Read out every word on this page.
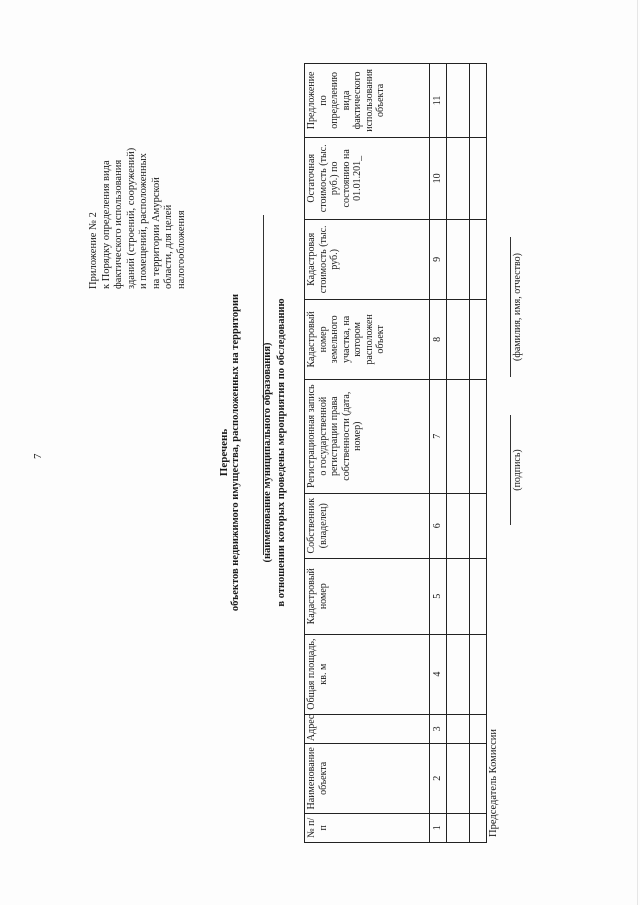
7
Приложение № 2 к Порядку определения вида фактического использования зданий (строений, сооружений) и помещений, расположенных на территории Амурской области, для целей налогообложения
Перечень объектов недвижимого имущества, расположенных на территории (наименование муниципального образования) в отношении которых проведены мероприятия по обследованию
№ п/п	Наименование объекта	Адрес	Общая площадь, кв. м	Кадастровый номер	Собственник (владелец)	Регистрационная запись о государственной регистрации права собственности (дата, номер)	Кадастровый номер земельного участка, на котором расположен объект	Кадастровая стоимость (тыс. руб.)	Остаточная стоимость (тыс. руб.) по состоянию на 01.01.201_	Предложение по определению вида фактического использования объекта
1	2	3	4	5	6	7	8	9	10	11

Председатель Комиссии
(подпись)
(фамилия, имя, отчество)
